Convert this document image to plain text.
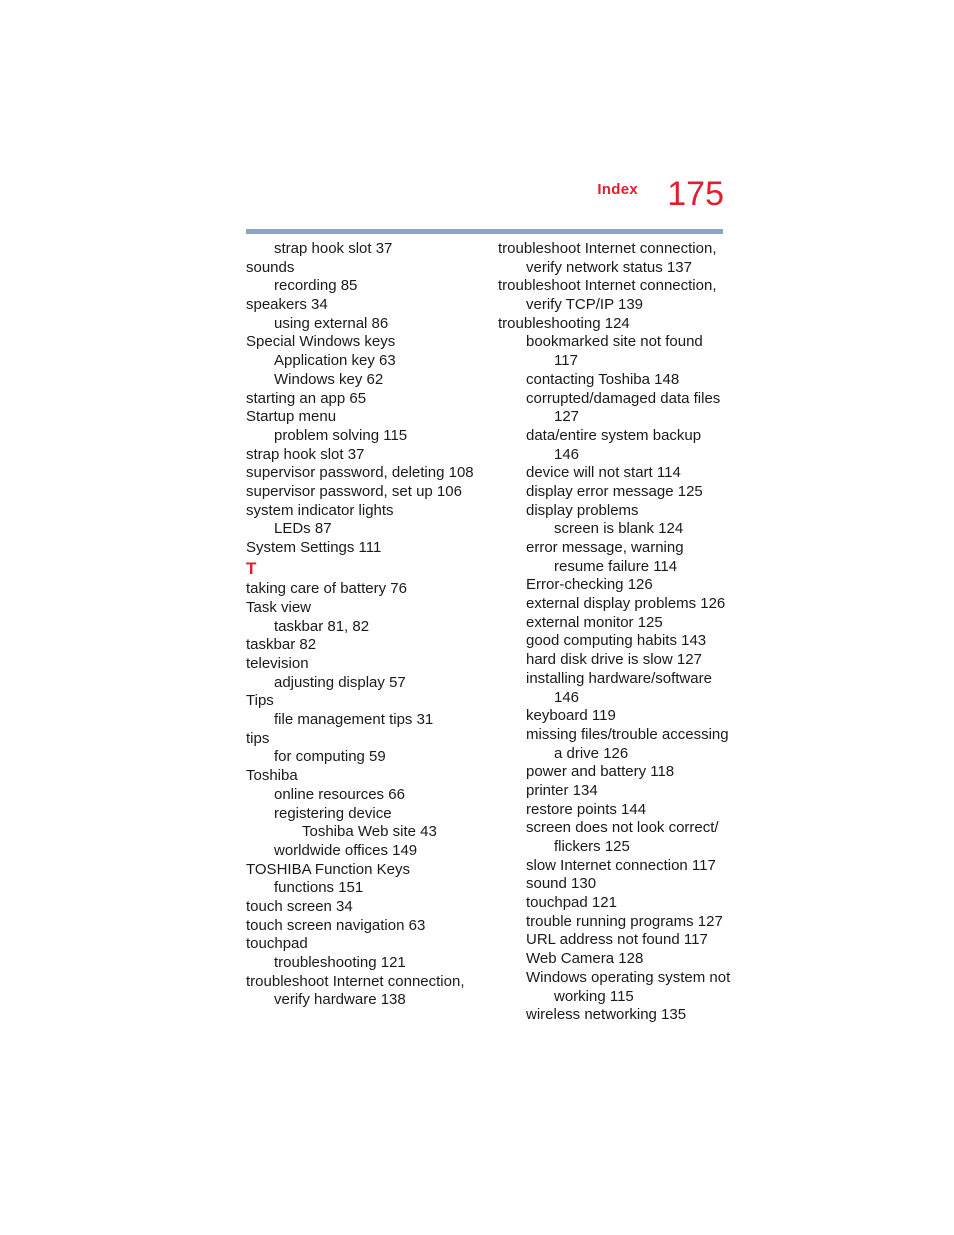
Index 175
strap hook slot 37
sounds
recording 85
speakers 34
using external 86
Special Windows keys
Application key 63
Windows key 62
starting an app 65
Startup menu
problem solving 115
strap hook slot 37
supervisor password, deleting 108
supervisor password, set up 106
system indicator lights
LEDs 87
System Settings 111
T
taking care of battery 76
Task view
taskbar 81, 82
taskbar 82
television
adjusting display 57
Tips
file management tips 31
tips
for computing 59
Toshiba
online resources 66
registering device
Toshiba Web site 43
worldwide offices 149
TOSHIBA Function Keys
functions 151
touch screen 34
touch screen navigation 63
touchpad
troubleshooting 121
troubleshoot Internet connection,
verify hardware 138
troubleshoot Internet connection,
verify network status 137
troubleshoot Internet connection,
verify TCP/IP 139
troubleshooting 124
bookmarked site not found
117
contacting Toshiba 148
corrupted/damaged data files
127
data/entire system backup
146
device will not start 114
display error message 125
display problems
screen is blank 124
error message, warning
resume failure 114
Error-checking 126
external display problems 126
external monitor 125
good computing habits 143
hard disk drive is slow 127
installing hardware/software
146
keyboard 119
missing files/trouble accessing
a drive 126
power and battery 118
printer 134
restore points 144
screen does not look correct/
flickers 125
slow Internet connection 117
sound 130
touchpad 121
trouble running programs 127
URL address not found 117
Web Camera 128
Windows operating system not
working 115
wireless networking 135
